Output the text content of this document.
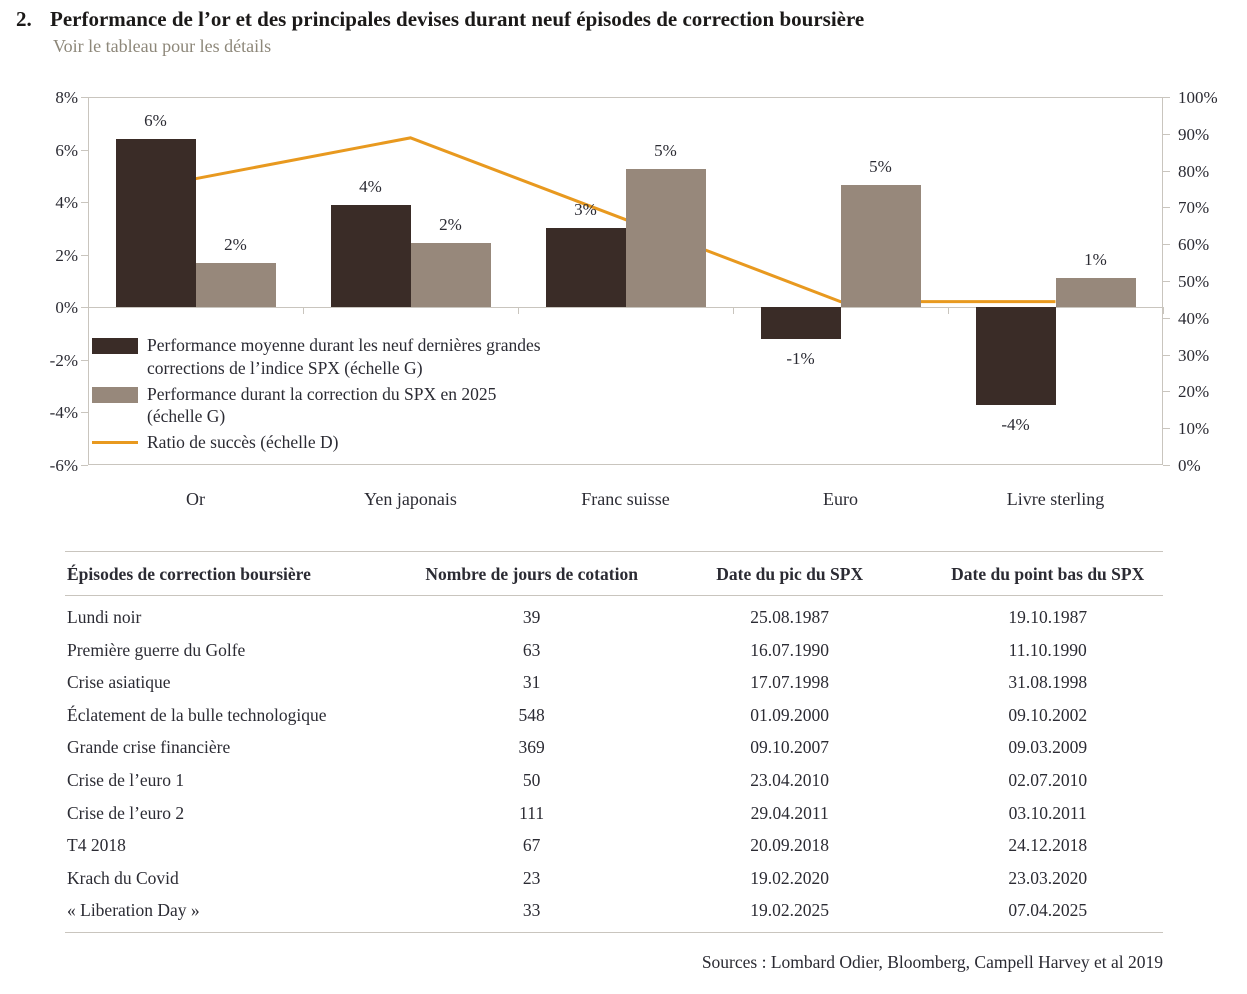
2. Performance de l’or et des principales devises durant neuf épisodes de correction boursière
Voir le tableau pour les détails
Performance moyenne durant les neuf dernières grandes corrections de l’indice SPX (échelle G)
Performance durant la correction du SPX en 2025 (échelle G)
Ratio de succès (échelle D)
8%
6%
4%
2%
0%
-2%
-4%
-6%
100%
90%
80%
70%
60%
50%
40%
30%
20%
10%
0%
6%
4%
3%
-1%
-4%
2%
2%
5%
5%
1%
Or	Yen japonais	Franc suisse	Euro	Livre sterling
Épisodes de correction boursière	Nombre de jours de cotation	Date du pic du SPX	Date du point bas du SPX
Lundi noir	39	25.08.1987	19.10.1987
Première guerre du Golfe	63	16.07.1990	11.10.1990
Crise asiatique	31	17.07.1998	31.08.1998
Éclatement de la bulle technologique	548	01.09.2000	09.10.2002
Grande crise financière	369	09.10.2007	09.03.2009
Crise de l’euro 1	50	23.04.2010	02.07.2010
Crise de l’euro 2	111	29.04.2011	03.10.2011
T4 2018	67	20.09.2018	24.12.2018
Krach du Covid	23	19.02.2020	23.03.2020
« Liberation Day »	33	19.02.2025	07.04.2025
Sources : Lombard Odier, Bloomberg, Campell Harvey et al 2019
